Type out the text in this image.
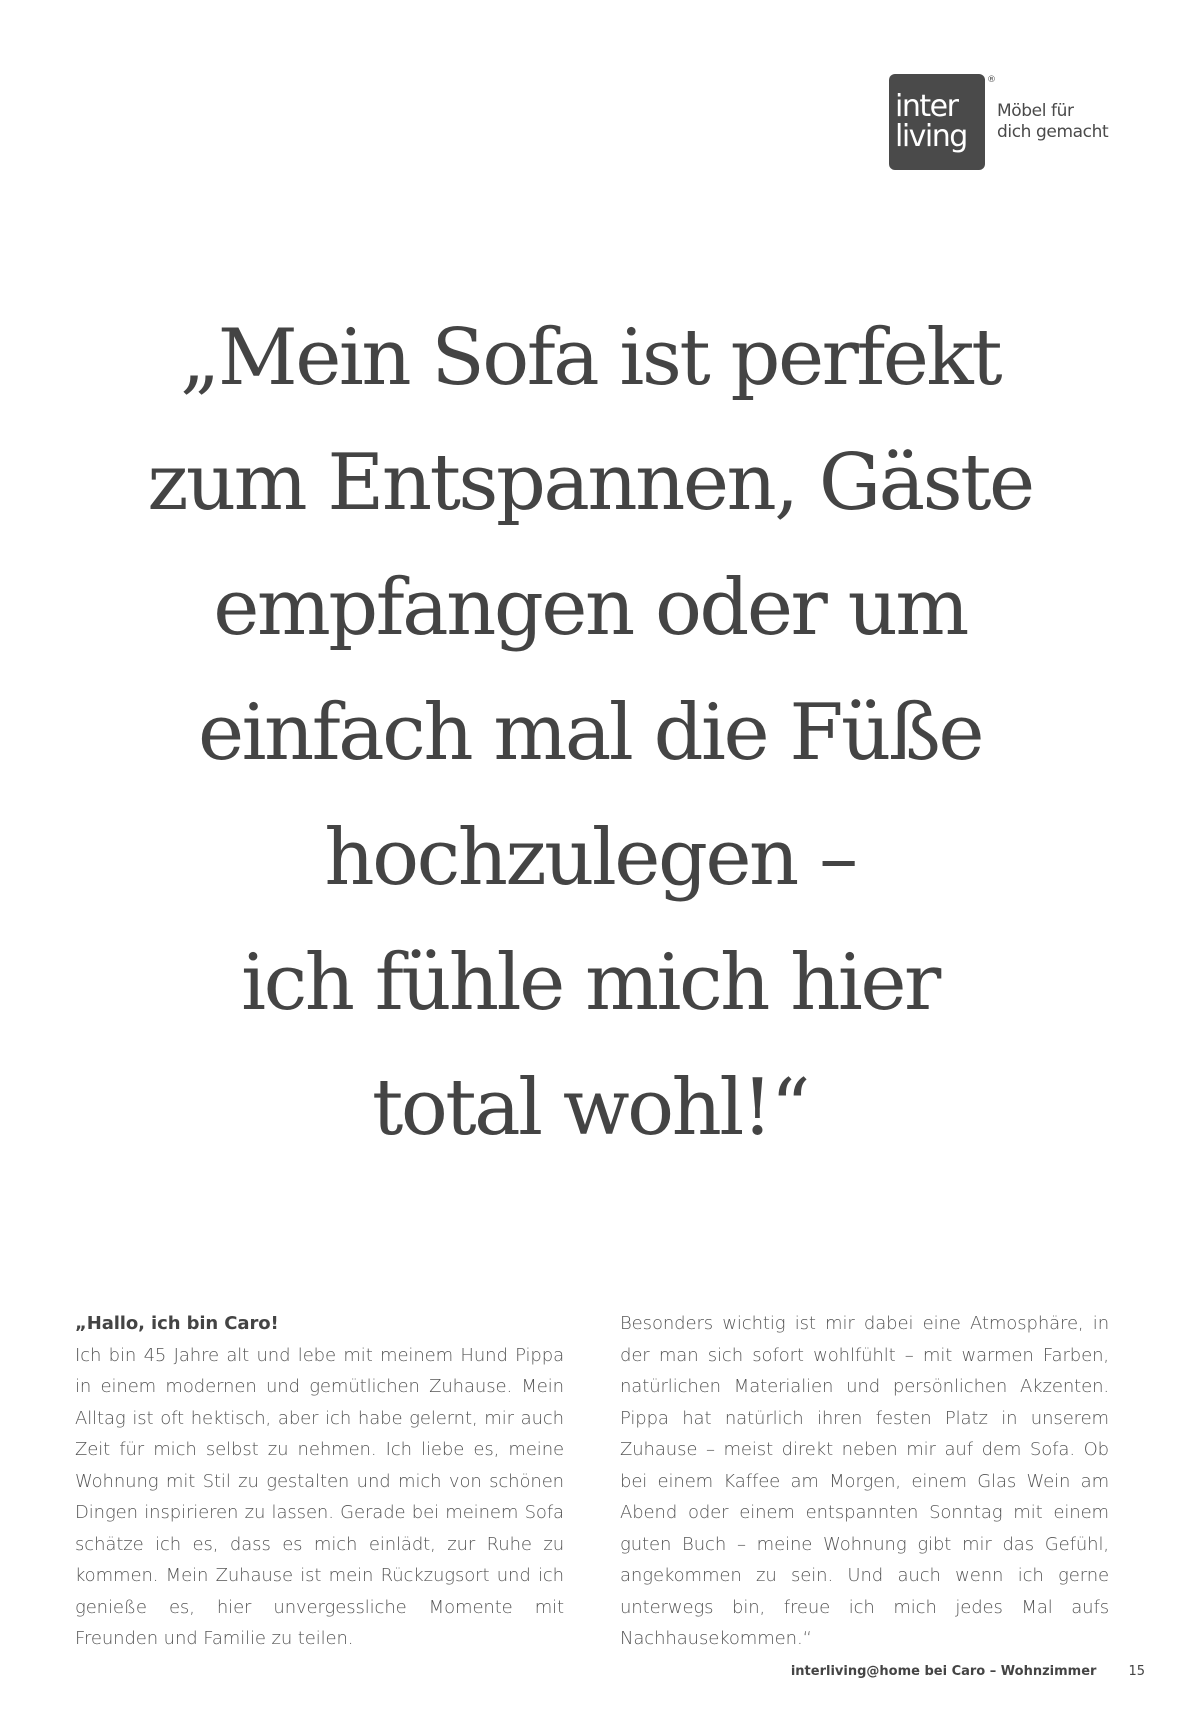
inter
living
®
Möbel für
dich gemacht
„Mein Sofa ist perfekt
zum Entspannen, Gäste
empfangen oder um
einfach mal die Füße
hochzulegen –
ich fühle mich hier
total wohl!“
„Hallo, ich bin Caro!
Ich bin 45 Jahre alt und lebe mit meinem Hund Pippa in einem modernen und gemütlichen Zuhause. Mein Alltag ist oft hektisch, aber ich habe gelernt, mir auch Zeit für mich selbst zu nehmen. Ich liebe es, meine Wohnung mit Stil zu gestalten und mich von schönen Dingen inspirieren zu lassen. Gerade bei meinem Sofa schätze ich es, dass es mich einlädt, zur Ruhe zu kommen. Mein Zuhause ist mein Rückzugsort und ich genieße es, hier unvergessliche Momente mit Freunden und Familie zu teilen.
Besonders wichtig ist mir dabei eine Atmosphäre, in der man sich sofort wohlfühlt – mit warmen Farben, natürlichen Materialien und persönlichen Akzenten. Pippa hat natürlich ihren festen Platz in unserem Zuhause – meist direkt neben mir auf dem Sofa. Ob bei einem Kaffee am Morgen, einem Glas Wein am Abend oder einem entspannten Sonntag mit einem guten Buch – meine Wohnung gibt mir das Gefühl, angekommen zu sein. Und auch wenn ich gerne unterwegs bin, freue ich mich jedes Mal aufs Nachhausekommen.“
interliving@home bei Caro – Wohnzimmer 15
